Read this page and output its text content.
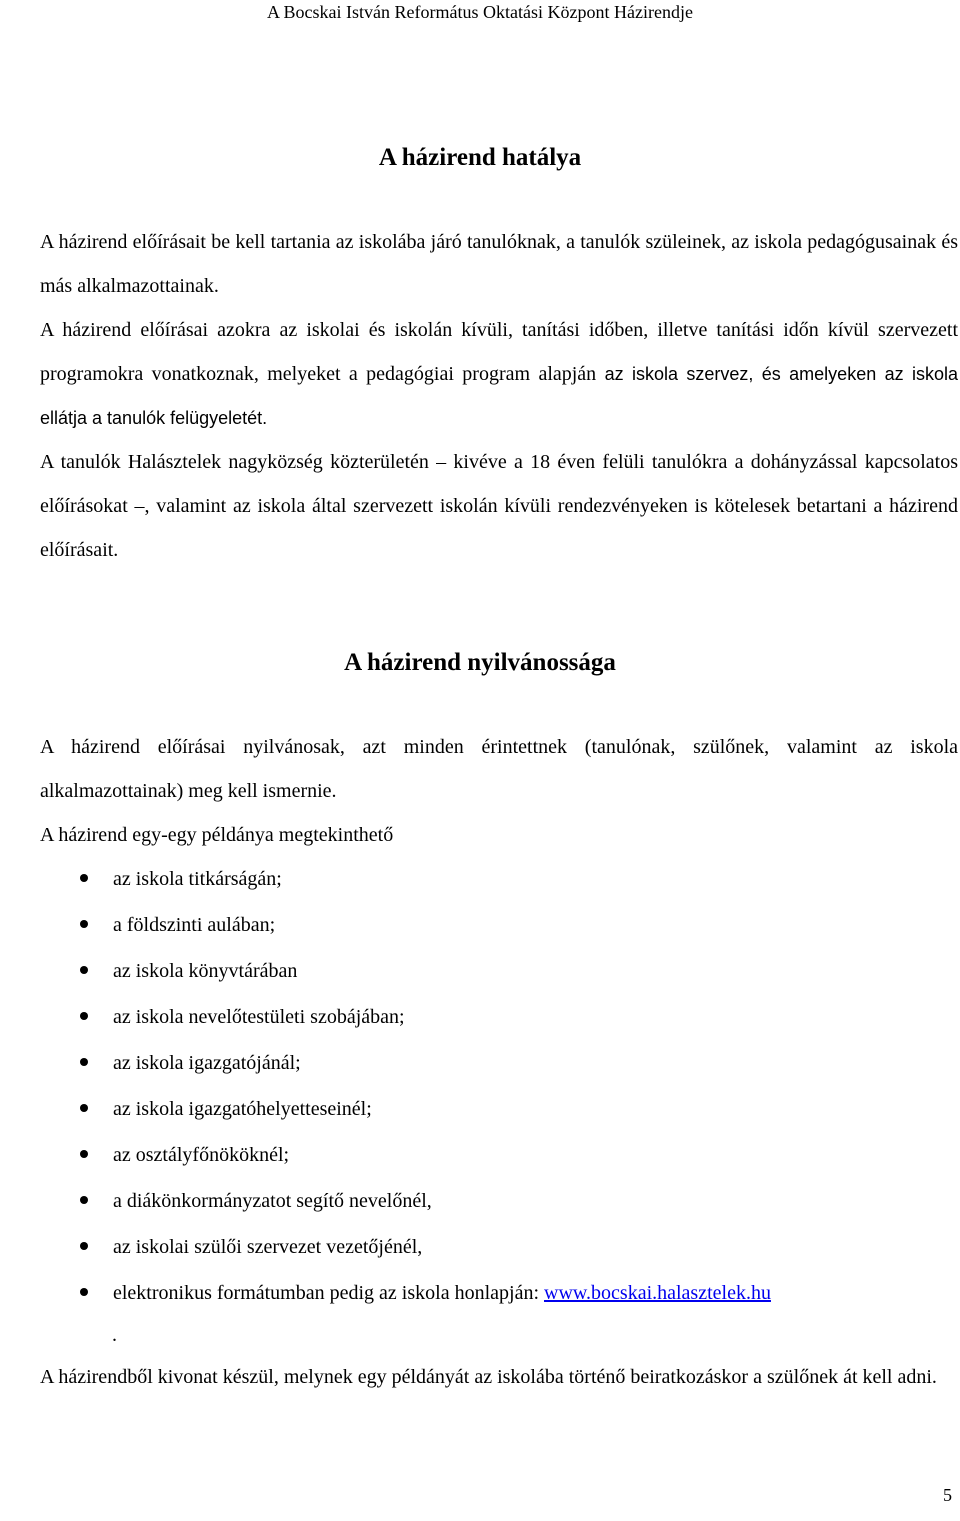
A Bocskai István Református Oktatási Központ Házirendje
A házirend hatálya
A házirend előírásait be kell tartania az iskolába járó tanulóknak, a tanulók szüleinek, az iskola pedagógusainak és más alkalmazottainak.
A házirend előírásai azokra az iskolai és iskolán kívüli, tanítási időben, illetve tanítási időn kívül szervezett programokra vonatkoznak, melyeket a pedagógiai program alapján az iskola szervez, és amelyeken az iskola ellátja a tanulók felügyeletét.
A tanulók Halásztelek nagyközség közterületén – kivéve a 18 éven felüli tanulókra a dohányzással kapcsolatos előírásokat –, valamint az iskola által szervezett iskolán kívüli rendezvényeken is kötelesek betartani a házirend előírásait.
A házirend nyilvánossága
A házirend előírásai nyilvánosak, azt minden érintettnek (tanulónak, szülőnek, valamint az iskola alkalmazottainak) meg kell ismernie.
A házirend egy-egy példánya megtekinthető
az iskola titkárságán;
a földszinti aulában;
az iskola könyvtárában
az iskola nevelőtestületi szobájában;
az iskola igazgatójánál;
az iskola igazgatóhelyetteseinél;
az osztályfőnököknél;
a diákönkormányzatot segítő nevelőnél,
az iskolai szülői szervezet vezetőjénél,
elektronikus formátumban pedig az iskola honlapján: www.bocskai.halasztelek.hu
.
A házirendből kivonat készül, melynek egy példányát az iskolába történő beiratkozáskor a szülőnek át kell adni.
5
